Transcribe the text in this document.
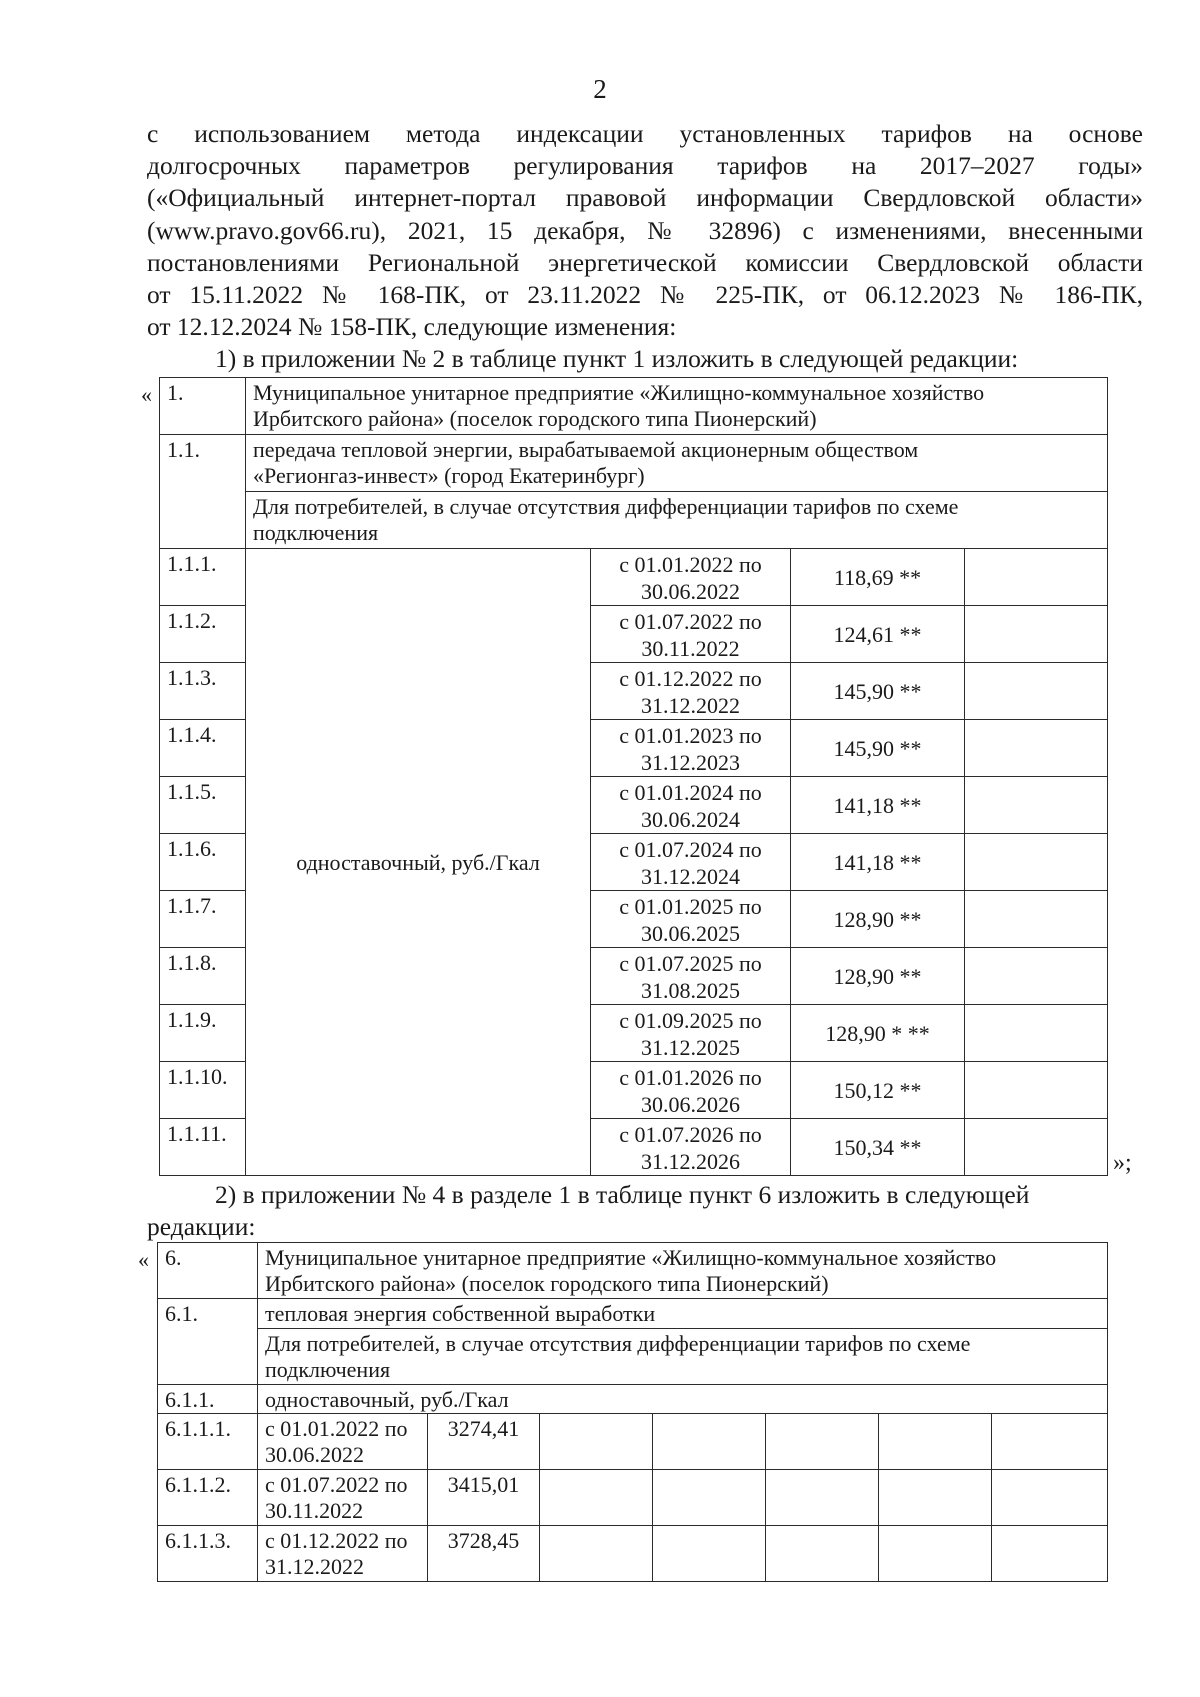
2
с использованием метода индексации установленных тарифов на основе
долгосрочных параметров регулирования тарифов на 2017–2027 годы»
(«Официальный интернет-портал правовой информации Свердловской области»
(www.pravo.gov66.ru), 2021, 15 декабря, № 32896) с изменениями, внесенными
постановлениями Региональной энергетической комиссии Свердловской области
от 15.11.2022 № 168-ПК, от 23.11.2022 № 225-ПК, от 06.12.2023 № 186-ПК,
от 12.12.2024 № 158-ПК, следующие изменения:
1) в приложении № 2 в таблице пункт 1 изложить в следующей редакции:
« 1.	Муниципальное унитарное предприятие «Жилищно-коммунальное хозяйство
Ирбитского района» (поселок городского типа Пионерский)			

1.1.	передача тепловой энергии, вырабатываемой акционерным обществом
«Регионгаз-инвест» (город Екатеринбург)			

	Для потребителей, в случае отсутствия дифференциации тарифов по схеме
подключения			

1.1.1.	одноставочный, руб./Гкал	с 01.01.2022 по
30.06.2022	118,69 **	
1.1.2.		с 01.07.2022 по
30.11.2022	124,61 **	
1.1.3.		с 01.12.2022 по
31.12.2022	145,90 **	
1.1.4.		с 01.01.2023 по
31.12.2023	145,90 **	
1.1.5.		с 01.01.2024 по
30.06.2024	141,18 **	
1.1.6.		с 01.07.2024 по
31.12.2024	141,18 **	
1.1.7.		с 01.01.2025 по
30.06.2025	128,90 **	
1.1.8.		с 01.07.2025 по
31.08.2025	128,90 **	
1.1.9.		с 01.09.2025 по
31.12.2025	128,90 * **	
1.1.10.		с 01.01.2026 по
30.06.2026	150,12 **	
1.1.11.		с 01.07.2026 по
31.12.2026	150,34 **	
»;
2) в приложении № 4 в разделе 1 в таблице пункт 6 изложить в следующей
редакции:
« 6.	Муниципальное унитарное предприятие «Жилищно-коммунальное хозяйство
Ирбитского района» (поселок городского типа Пионерский)						

6.1.	тепловая энергия собственной выработки						

	Для потребителей, в случае отсутствия дифференциации тарифов по схеме
подключения						

6.1.1.	одноставочный, руб./Гкал						
6.1.1.1.	с 01.01.2022 по
30.06.2022	3274,41					
6.1.1.2.	с 01.07.2022 по
30.11.2022	3415,01					
6.1.1.3.	с 01.12.2022 по
31.12.2022	3728,45					
